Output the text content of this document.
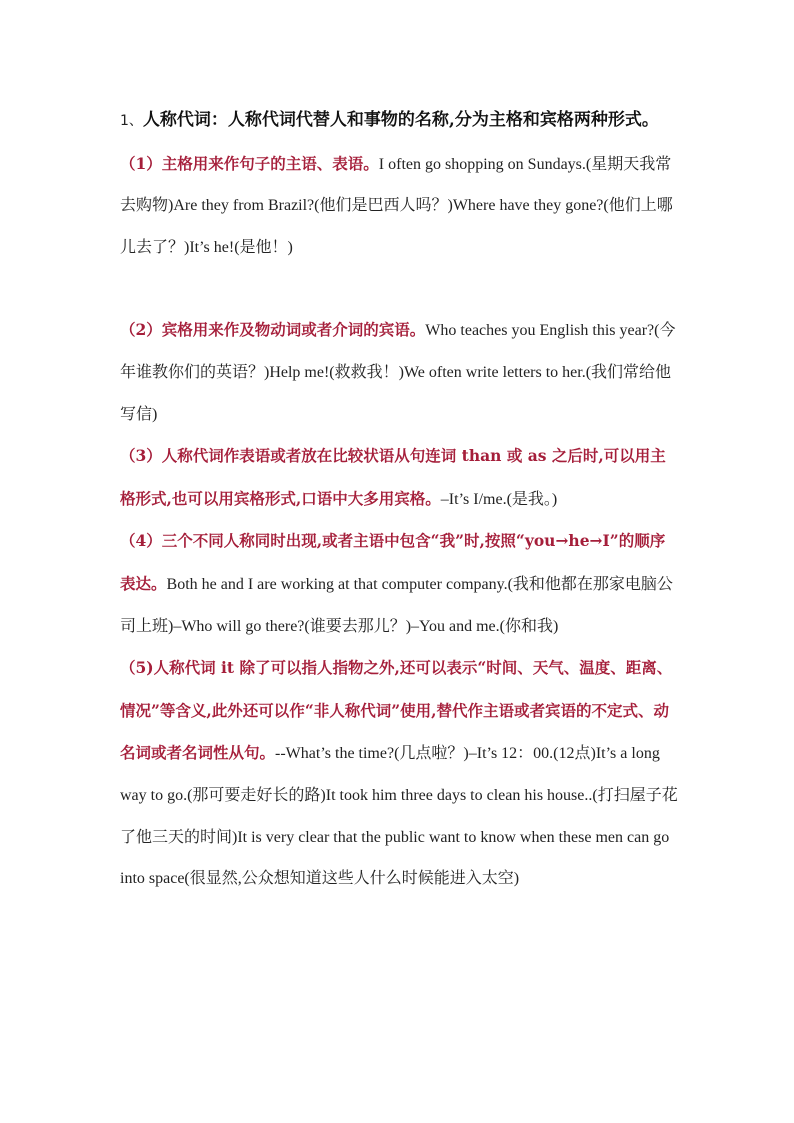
1、人称代词：人称代词代替人和事物的名称,分为主格和宾格两种形式。（1）主格用来作句子的主语、表语。I often go shopping on Sundays.(星期天我常去购物)Are they from Brazil?(他们是巴西人吗？)Where have they gone?(他们上哪儿去了？)It’s he!(是他！)

（2）宾格用来作及物动词或者介词的宾语。Who teaches you English this year?(今年谁教你们的英语？)Help me!(救救我！)We often write letters to her.(我们常给他写信)

（3）人称代词作表语或者放在比较状语从句连词 than 或 as 之后时,可以用主格形式,也可以用宾格形式,口语中大多用宾格。–It’s I/me.(是我。)

（4）三个不同人称同时出现,或者主语中包含“我”时,按照“you→he→I”的顺序表达。Both he and I are working at that computer company.(我和他都在那家电脑公司上班)–Who will go there?(谁要去那儿？)–You and me.(你和我)

（5)人称代词 it 除了可以指人指物之外,还可以表示“时间、天气、温度、距离、情况”等含义,此外还可以作“非人称代词”使用,替代作主语或者宾语的不定式、动名词或者名词性从句。--What’s the time?(几点啦？)–It’s 12：00.(12点)It’s a long way to go.(那可要走好长的路)It took him three days to clean his house..(打扫屋子花了他三天的时间)It is very clear that the public want to know when these men can go into space(很显然,公众想知道这些人什么时候能进入太空)
